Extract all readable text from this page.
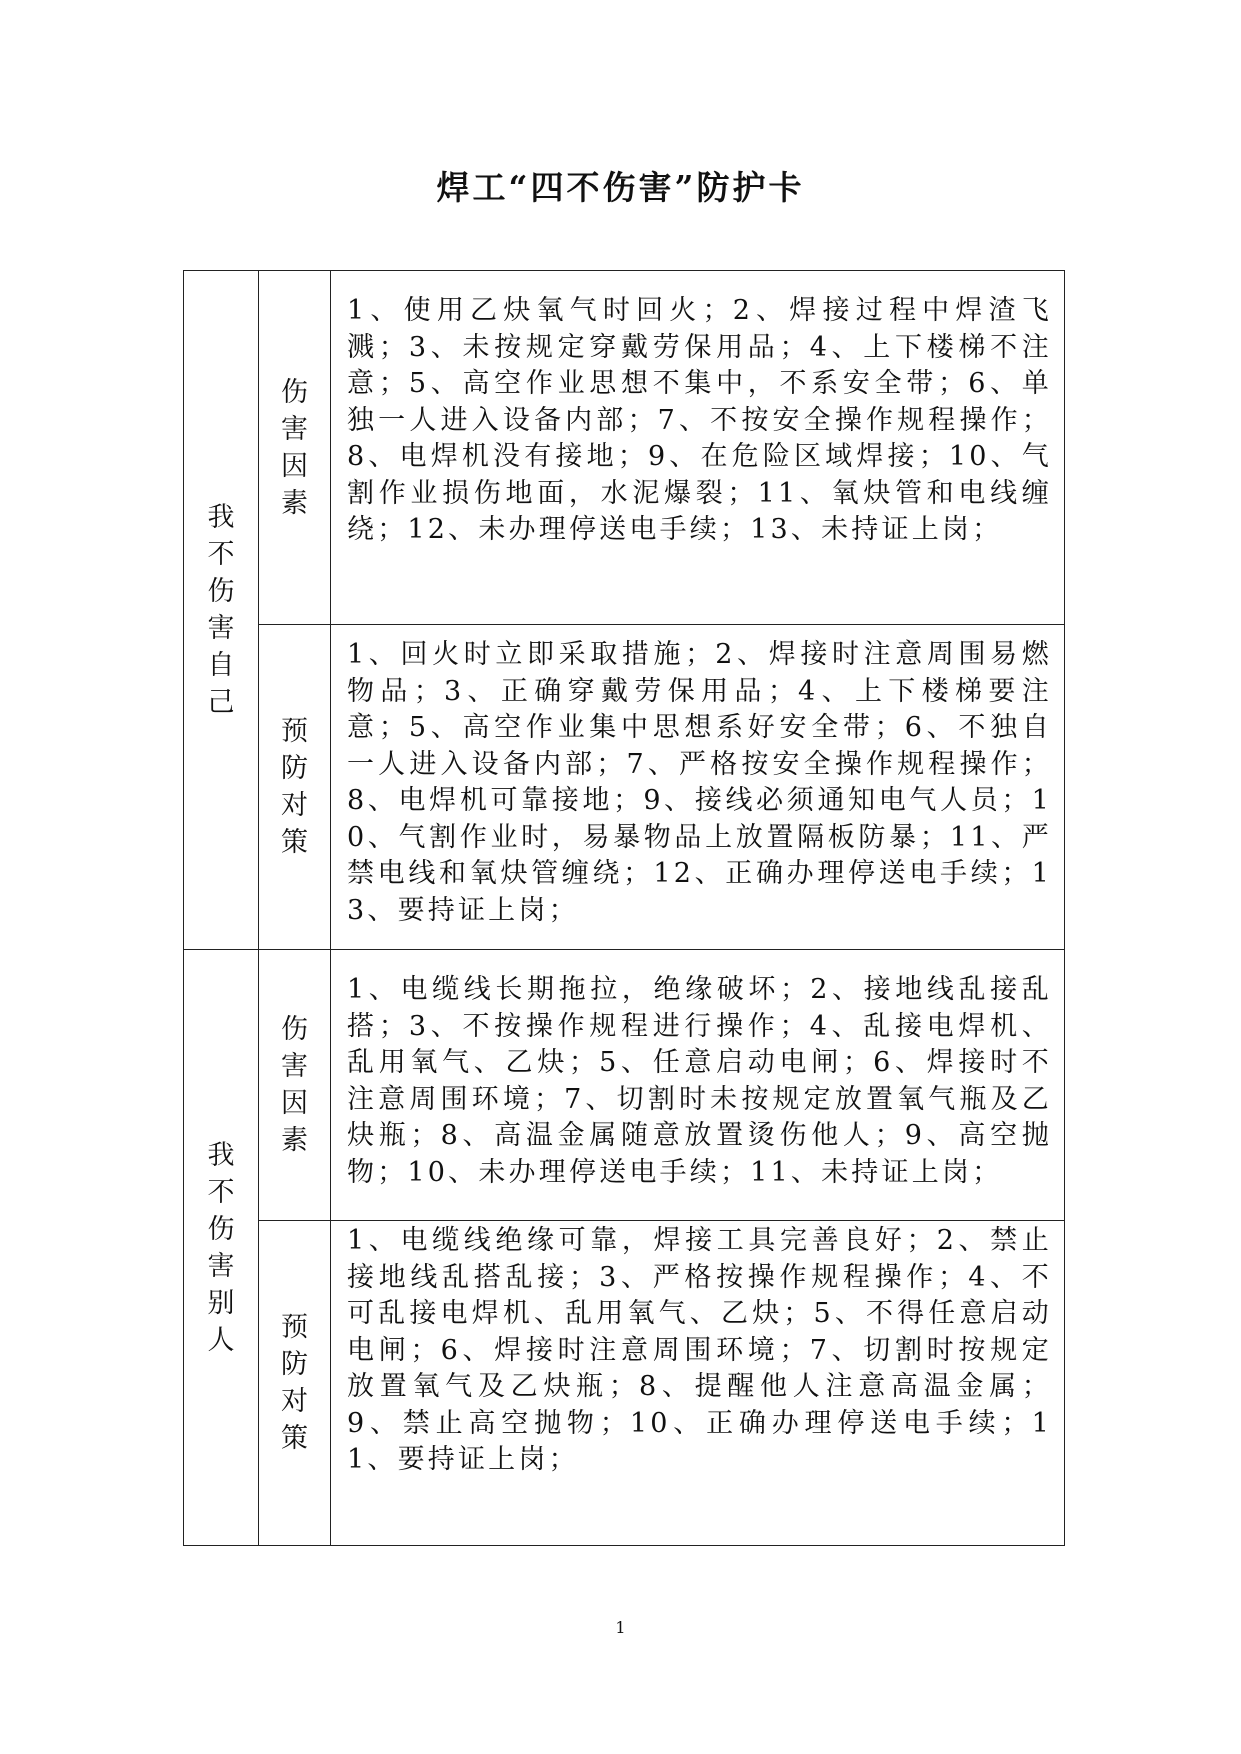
焊工“四不伤害”防护卡
我不伤害自己	伤害因素	1、使用乙炔氧气时回火；2、焊接过程中焊渣飞溅；3、未按规定穿戴劳保用品；4、上下楼梯不注意；5、高空作业思想不集中，不系安全带；6、单独一人进入设备内部；7、不按安全操作规程操作；8、电焊机没有接地；9、在危险区域焊接；10、气割作业损伤地面，水泥爆裂；11、氧炔管和电线缠绕；12、未办理停送电手续；13、未持证上岗；

	预防对策	1、回火时立即采取措施；2、焊接时注意周围易燃物品；3、正确穿戴劳保用品；4、上下楼梯要注意；5、高空作业集中思想系好安全带；6、不独自一人进入设备内部；7、严格按安全操作规程操作；8、电焊机可靠接地；9、接线必须通知电气人员；10、气割作业时，易暴物品上放置隔板防暴；11、严禁电线和氧炔管缠绕；12、正确办理停送电手续；13、要持证上岗；

我不伤害别人	伤害因素	1、电缆线长期拖拉，绝缘破坏；2、接地线乱接乱搭；3、不按操作规程进行操作；4、乱接电焊机、乱用氧气、乙炔；5、任意启动电闸；6、焊接时不注意周围环境；7、切割时未按规定放置氧气瓶及乙炔瓶；8、高温金属随意放置烫伤他人；9、高空抛物；10、未办理停送电手续；11、未持证上岗；

	预防对策	1、电缆线绝缘可靠，焊接工具完善良好；2、禁止接地线乱搭乱接；3、严格按操作规程操作；4、不可乱接电焊机、乱用氧气、乙炔；5、不得任意启动电闸；6、焊接时注意周围环境；7、切割时按规定放置氧气及乙炔瓶；8、提醒他人注意高温金属；9、禁止高空抛物；10、正确办理停送电手续；11、要持证上岗；
1
